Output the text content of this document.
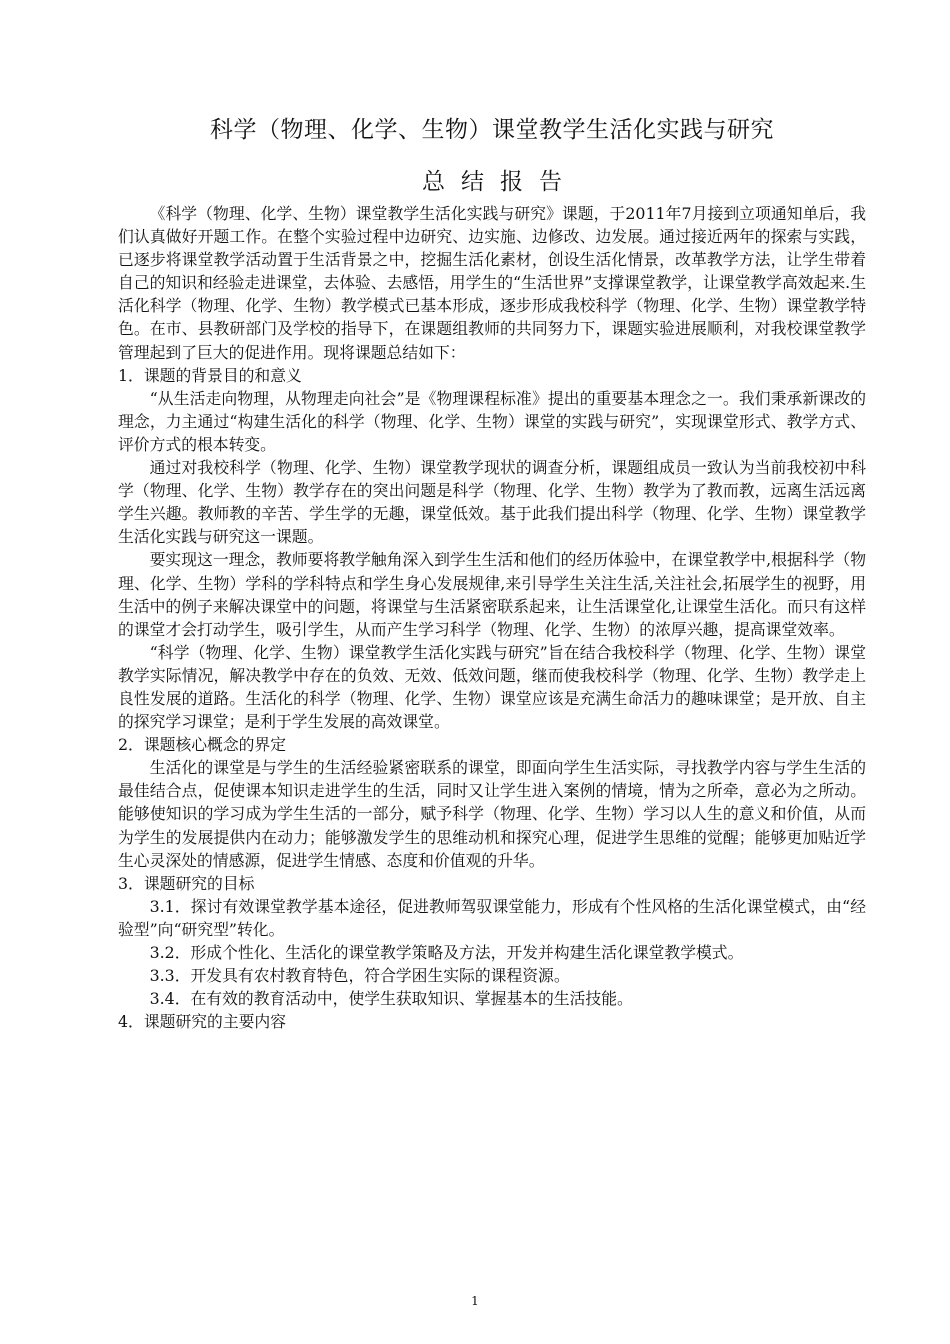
科学（物理、化学、生物）课堂教学生活化实践与研究
总结报告

《科学（物理、化学、生物）课堂教学生活化实践与研究》课题，于2011年7月接到立项通知单后，我们认真做好开题工作。在整个实验过程中边研究、边实施、边修改、边发展。通过接近两年的探索与实践，已逐步将课堂教学活动置于生活背景之中，挖掘生活化素材，创设生活化情景，改革教学方法，让学生带着自己的知识和经验走进课堂，去体验、去感悟，用学生的“生活世界”支撑课堂教学，让课堂教学高效起来.生活化科学（物理、化学、生物）教学模式已基本形成，逐步形成我校科学（物理、化学、生物）课堂教学特色。在市、县教研部门及学校的指导下，在课题组教师的共同努力下，课题实验进展顺利，对我校课堂教学管理起到了巨大的促进作用。现将课题总结如下：

1．课题的背景目的和意义

“从生活走向物理，从物理走向社会”是《物理课程标准》提出的重要基本理念之一。我们秉承新课改的理念，力主通过“构建生活化的科学（物理、化学、生物）课堂的实践与研究”，实现课堂形式、教学方式、评价方式的根本转变。

通过对我校科学（物理、化学、生物）课堂教学现状的调查分析，课题组成员一致认为当前我校初中科学（物理、化学、生物）教学存在的突出问题是科学（物理、化学、生物）教学为了教而教，远离生活远离学生兴趣。教师教的辛苦、学生学的无趣，课堂低效。基于此我们提出科学（物理、化学、生物）课堂教学生活化实践与研究这一课题。

要实现这一理念，教师要将教学触角深入到学生生活和他们的经历体验中，在课堂教学中,根据科学（物理、化学、生物）学科的学科特点和学生身心发展规律,来引导学生关注生活,关注社会,拓展学生的视野，用生活中的例子来解决课堂中的问题，将课堂与生活紧密联系起来，让生活课堂化,让课堂生活化。而只有这样的课堂才会打动学生，吸引学生，从而产生学习科学（物理、化学、生物）的浓厚兴趣，提高课堂效率。

“科学（物理、化学、生物）课堂教学生活化实践与研究”旨在结合我校科学（物理、化学、生物）课堂教学实际情况，解决教学中存在的负效、无效、低效问题，继而使我校科学（物理、化学、生物）教学走上良性发展的道路。生活化的科学（物理、化学、生物）课堂应该是充满生命活力的趣味课堂；是开放、自主的探究学习课堂；是利于学生发展的高效课堂。

2．课题核心概念的界定

生活化的课堂是与学生的生活经验紧密联系的课堂，即面向学生生活实际，寻找教学内容与学生生活的最佳结合点，促使课本知识走进学生的生活，同时又让学生进入案例的情境，情为之所牵，意必为之所动。能够使知识的学习成为学生生活的一部分，赋予科学（物理、化学、生物）学习以人生的意义和价值，从而为学生的发展提供内在动力；能够激发学生的思维动机和探究心理，促进学生思维的觉醒；能够更加贴近学生心灵深处的情感源，促进学生情感、态度和价值观的升华。

3．课题研究的目标

3.1．探讨有效课堂教学基本途径，促进教师驾驭课堂能力，形成有个性风格的生活化课堂模式，由“经验型”向“研究型”转化。

3.2．形成个性化、生活化的课堂教学策略及方法，开发并构建生活化课堂教学模式。

3.3．开发具有农村教育特色，符合学困生实际的课程资源。

3.4．在有效的教育活动中，使学生获取知识、掌握基本的生活技能。

4．课题研究的主要内容

1
